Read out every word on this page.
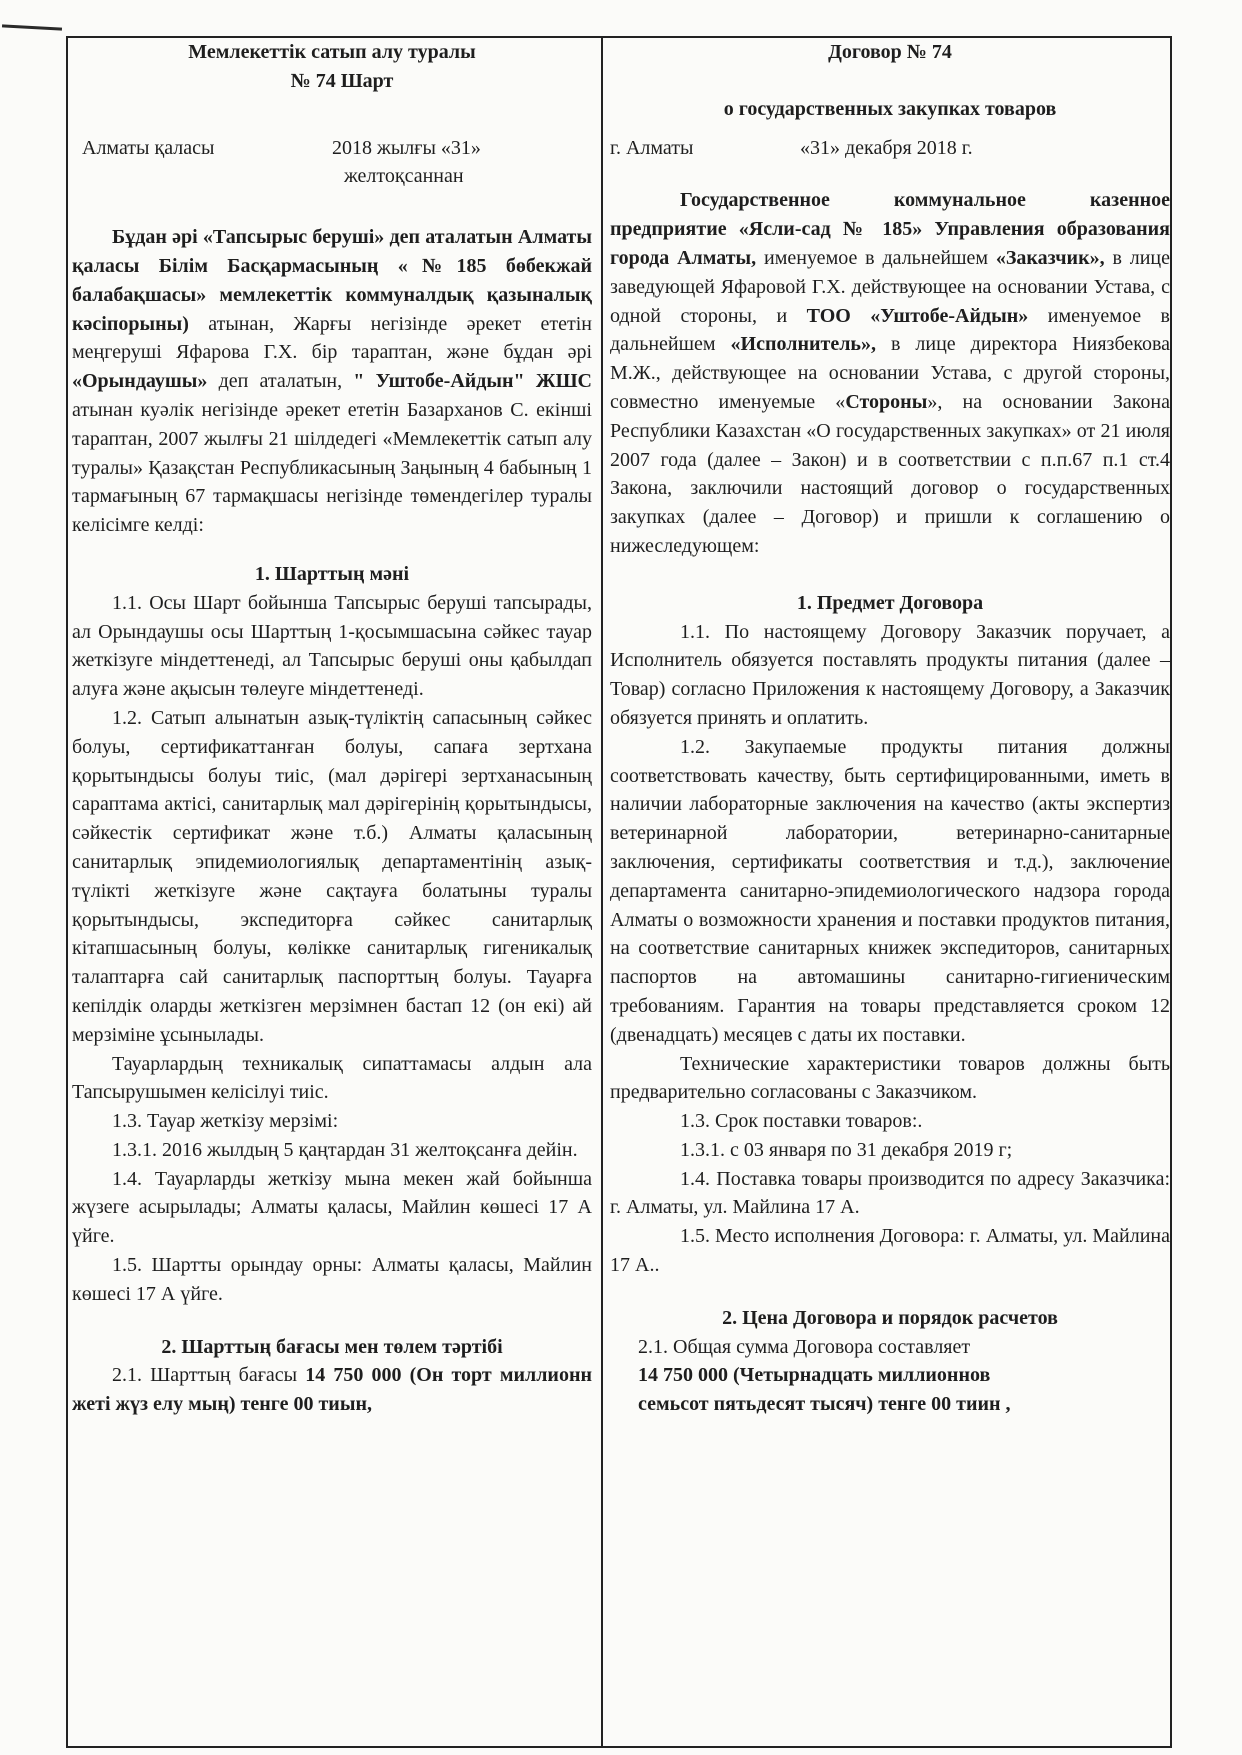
Мемлекеттік сатып алу туралы
№ 74 Шарт
Алматы қаласы	2018 жылғы «31»
желтоқсаннан

Бұдан әрі «Тапсырыс беруші» деп аталатын Алматы қаласы Білім Басқармасының «№185 бөбекжай балабақшасы» мемлекеттік коммуналдық қазыналық кәсіпорыны) атынан, Жарғы негізінде әрекет ететін меңгеруші Яфарова Г.Х. бір тараптан, және бұдан әрі «Орындаушы» деп аталатын, " Уштобе-Айдын" ЖШС атынан куәлік негізінде әрекет ететін Базарханов С. екінші тараптан, 2007 жылғы 21 шілдедегі «Мемлекеттік сатып алу туралы» Қазақстан Республикасының Заңының 4 бабының 1 тармағының 67 тармақшасы негізінде төмендегілер туралы келісімге келді:

1. Шарттың мәні

1.1. Осы Шарт бойынша Тапсырыс беруші тапсырады, ал Орындаушы осы Шарттың 1-қосымшасына сәйкес тауар жеткізуге міндеттенеді, ал Тапсырыс беруші оны қабылдап алуға және ақысын төлеуге міндеттенеді.

1.2. Сатып алынатын азық-түліктің сапасының сәйкес болуы, сертификаттанған болуы, сапаға зертхана қорытындысы болуы тиіс, (мал дәрігері зертханасының сараптама актісі, санитарлық мал дәрігерінің қорытындысы, сәйкестік сертификат және т.б.) Алматы қаласының санитарлық эпидемиологиялық департаментінің азық-түлікті жеткізуге және сақтауға болатыны туралы қорытындысы, экспедиторға сәйкес санитарлық кітапшасының болуы, көлікке санитарлық гигеникалық талаптарға сай санитарлық паспорттың болуы. Тауарға кепілдік оларды жеткізген мерзімнен бастап 12 (он екі) ай мерзіміне ұсынылады.

Тауарлардың техникалық сипаттамасы алдын ала Тапсырушымен келісілуі тиіс.

1.3. Тауар жеткізу мерзімі:

1.3.1. 2016 жылдың 5 қаңтардан 31 желтоқсанға дейін.

1.4. Тауарларды жеткізу мына мекен жай бойынша жүзеге асырылады; Алматы қаласы, Майлин көшесі 17 А үйге.

1.5. Шартты орындау орны: Алматы қаласы, Майлин көшесі 17 А үйге.

2. Шарттың бағасы мен төлем тәртібі

2.1. Шарттың бағасы 14 750 000 (Он торт миллионн жеті жүз елу мың) тенге 00 тиын,

Договор № 74
о государственных закупках товаров
г. Алматы	«31» декабря 2018 г.

Государственное коммунальное казенное предприятие «Ясли-сад № 185» Управления образования города Алматы, именуемое в дальнейшем «Заказчик», в лице заведующей Яфаровой Г.Х. действующее на основании Устава, с одной стороны, и ТОО «Уштобе-Айдын» именуемое в дальнейшем «Исполнитель», в лице директора Ниязбекова М.Ж., действующее на основании Устава, с другой стороны, совместно именуемые «Стороны», на основании Закона Республики Казахстан «О государственных закупках» от 21 июля 2007 года (далее – Закон) и в соответствии с п.п.67 п.1 ст.4 Закона, заключили настоящий договор о государственных закупках (далее – Договор) и пришли к соглашению о нижеследующем:

1. Предмет Договора

1.1. По настоящему Договору Заказчик поручает, а Исполнитель обязуется поставлять продукты питания (далее – Товар) согласно Приложения к настоящему Договору, а Заказчик обязуется принять и оплатить.

1.2. Закупаемые продукты питания должны соответствовать качеству, быть сертифицированными, иметь в наличии лабораторные заключения на качество (акты экспертиз ветеринарной лаборатории, ветеринарно-санитарные заключения, сертификаты соответствия и т.д.), заключение департамента санитарно-эпидемиологического надзора города Алматы о возможности хранения и поставки продуктов питания, на соответствие санитарных книжек экспедиторов, санитарных паспортов на автомашины санитарно-гигиеническим требованиям. Гарантия на товары представляется сроком 12 (двенадцать) месяцев с даты их поставки.

Технические характеристики товаров должны быть предварительно согласованы с Заказчиком.

1.3. Срок поставки товаров:.

1.3.1. с 03 января по 31 декабря 2019 г;

1.4. Поставка товары производится по адресу Заказчика: г. Алматы, ул. Майлина 17 А.

1.5. Место исполнения Договора: г. Алматы, ул. Майлина 17 А..

2. Цена Договора и порядок расчетов

2.1. Общая сумма Договора составляет

14 750 000 (Четырнадцать миллионнов

семьсот пятьдесят тысяч) тенге 00 тиин ,
